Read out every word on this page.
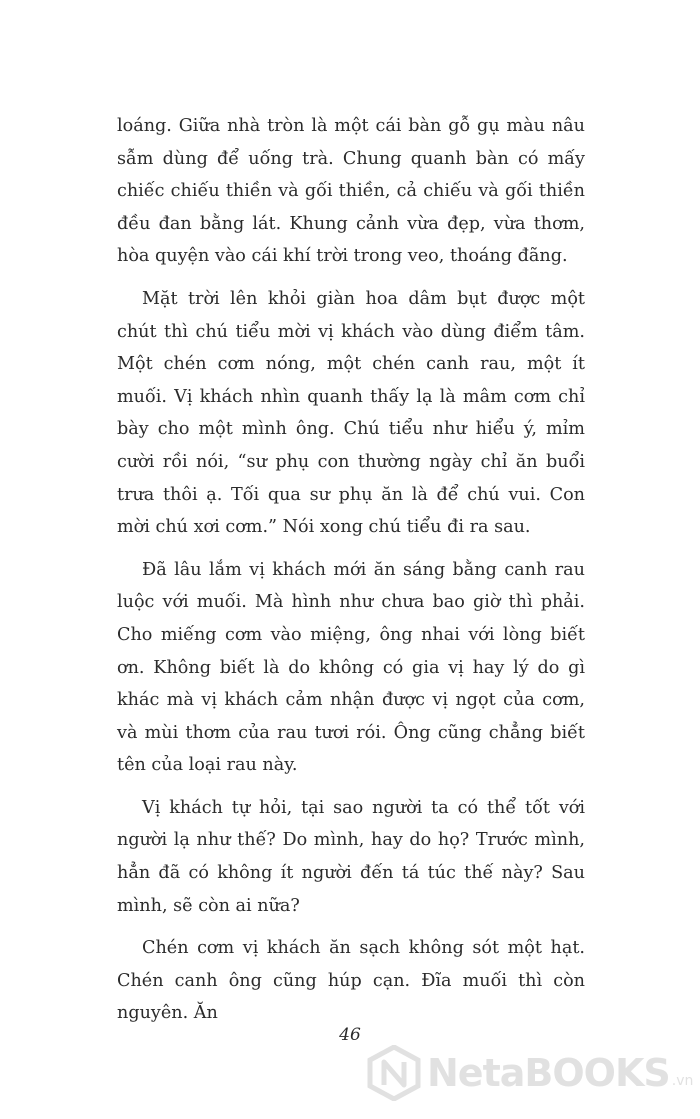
loáng. Giữa nhà tròn là một cái bàn gỗ gụ màu nâu sẫm dùng để uống trà. Chung quanh bàn có mấy chiếc chiếu thiền và gối thiền, cả chiếu và gối thiền đều đan bằng lát. Khung cảnh vừa đẹp, vừa thơm, hòa quyện vào cái khí trời trong veo, thoáng đãng.

Mặt trời lên khỏi giàn hoa dâm bụt được một chút thì chú tiểu mời vị khách vào dùng điểm tâm. Một chén cơm nóng, một chén canh rau, một ít muối. Vị khách nhìn quanh thấy lạ là mâm cơm chỉ bày cho một mình ông. Chú tiểu như hiểu ý, mỉm cười rồi nói, “sư phụ con thường ngày chỉ ăn buổi trưa thôi ạ. Tối qua sư phụ ăn là để chú vui. Con mời chú xơi cơm.” Nói xong chú tiểu đi ra sau.

Đã lâu lắm vị khách mới ăn sáng bằng canh rau luộc với muối. Mà hình như chưa bao giờ thì phải. Cho miếng cơm vào miệng, ông nhai với lòng biết ơn. Không biết là do không có gia vị hay lý do gì khác mà vị khách cảm nhận được vị ngọt của cơm, và mùi thơm của rau tươi rói. Ông cũng chẳng biết tên của loại rau này.

Vị khách tự hỏi, tại sao người ta có thể tốt với người lạ như thế? Do mình, hay do họ? Trước mình, hẳn đã có không ít người đến tá túc thế này? Sau mình, sẽ còn ai nữa?

Chén cơm vị khách ăn sạch không sót một hạt. Chén canh ông cũng húp cạn. Đĩa muối thì còn nguyên. Ăn

46
NetaBOOKS .vn
